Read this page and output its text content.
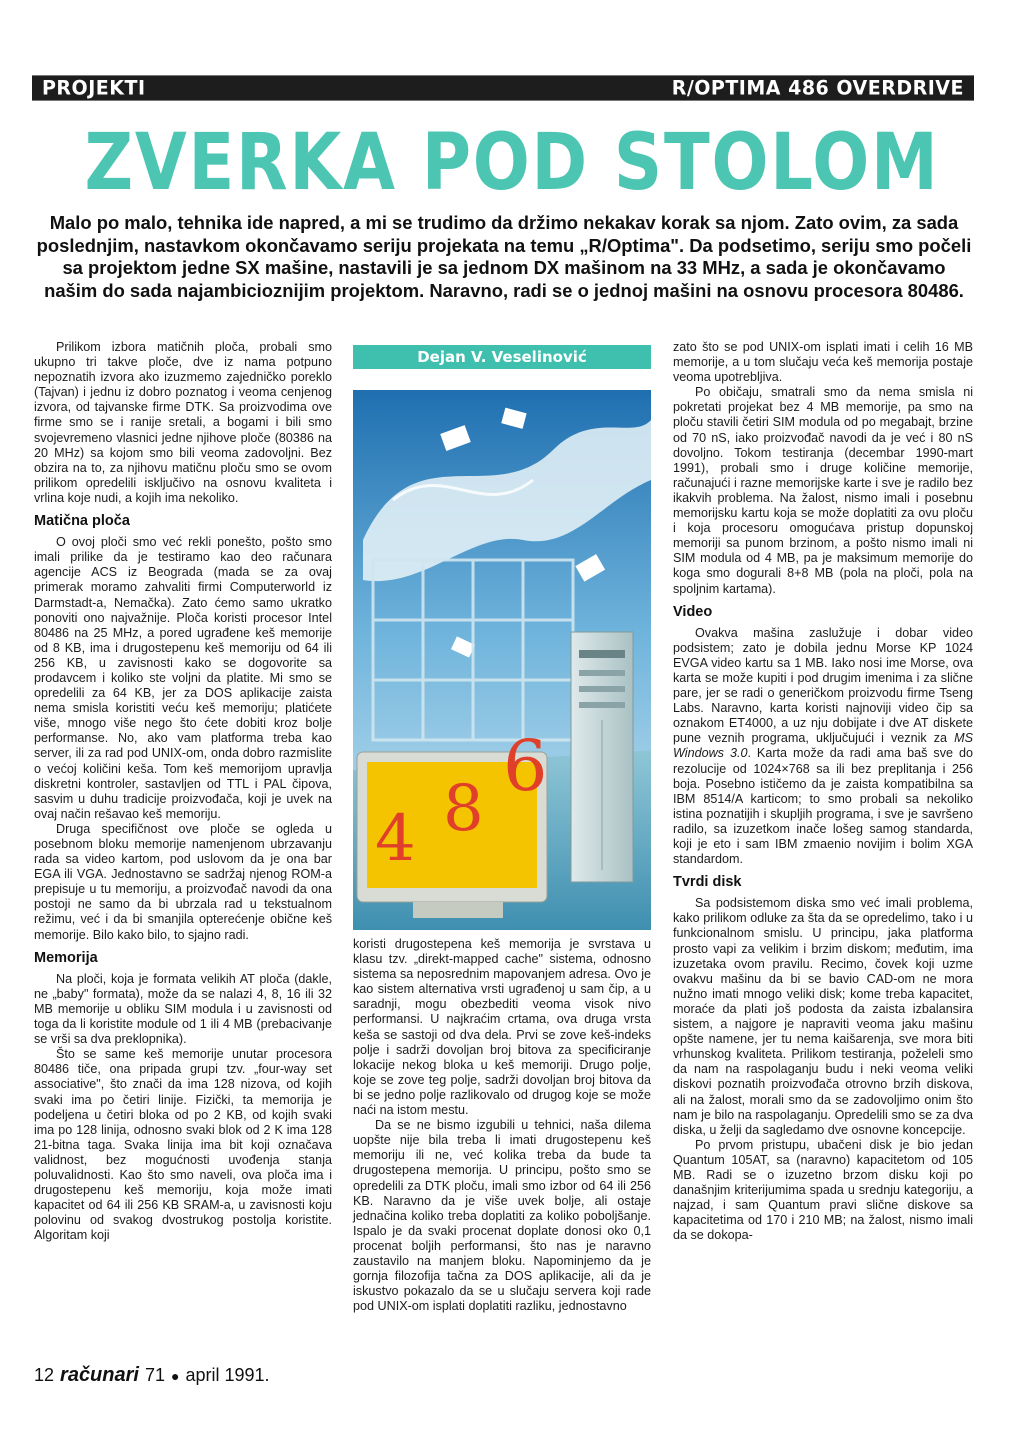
PROJEKTI	R/OPTIMA 486 OVERDRIVE
ZVERKA POD STOLOM
Malo po malo, tehnika ide napred, a mi se trudimo da držimo nekakav korak sa njom. Zato ovim, za sada poslednjim, nastavkom okončavamo seriju projekata na temu „R/Optima". Da podsetimo, seriju smo počeli sa projektom jedne SX mašine, nastavili je sa jednom DX mašinom na 33 MHz, a sada je okončavamo našim do sada najambicioznijim projektom. Naravno, radi se o jednoj mašini na osnovu procesora 80486.

Prilikom izbora matičnih ploča, probali smo ukupno tri takve ploče, dve iz nama potpuno nepoznatih izvora ako izuzmemo zajedničko poreklo (Tajvan) i jednu iz dobro poznatog i veoma cenjenog izvora, od tajvanske firme DTK. Sa proizvodima ove firme smo se i ranije sretali, a bogami i bili smo svojevremeno vlasnici jedne njihove ploče (80386 na 20 MHz) sa kojom smo bili veoma zadovoljni. Bez obzira na to, za njihovu matičnu ploču smo se ovom prilikom opredelili isključivo na osnovu kvaliteta i vrlina koje nudi, a kojih ima nekoliko.

Matična ploča

O ovoj ploči smo već rekli ponešto, pošto smo imali prilike da je testiramo kao deo računara agencije ACS iz Beograda (mada se za ovaj primerak moramo zahvaliti firmi Computerworld iz Darmstadt-a, Nemačka). Zato ćemo samo ukratko ponoviti ono najvažnije. Ploča koristi procesor Intel 80486 na 25 MHz, a pored ugrađene keš memorije od 8 KB, ima i drugostepenu keš memoriju od 64 ili 256 KB, u zavisnosti kako se dogovorite sa prodavcem i koliko ste voljni da platite. Mi smo se opredelili za 64 KB, jer za DOS aplikacije zaista nema smisla koristiti veću keš memoriju; platićete više, mnogo više nego što ćete dobiti kroz bolje performanse. No, ako vam platforma treba kao server, ili za rad pod UNIX-om, onda dobro razmislite o većoj količini keša. Tom keš memorijom upravlja diskretni kontroler, sastavljen od TTL i PAL čipova, sasvim u duhu tradicije proizvođača, koji je uvek na ovaj način rešavao keš memoriju.

Druga specifičnost ove ploče se ogleda u posebnom bloku memorije namenjenom ubrzavanju rada sa video kartom, pod uslovom da je ona bar EGA ili VGA. Jednostavno se sadržaj njenog ROM-a prepisuje u tu memoriju, a proizvođač navodi da ona postoji ne samo da bi ubrzala rad u tekstualnom režimu, već i da bi smanjila opterećenje obične keš memorije. Bilo kako bilo, to sjajno radi.

Memorija

Na ploči, koja je formata velikih AT ploča (dakle, ne „baby" formata), može da se nalazi 4, 8, 16 ili 32 MB memorije u obliku SIM modula i u zavisnosti od toga da li koristite module od 1 ili 4 MB (prebacivanje se vrši sa dva preklopnika).

Što se same keš memorije unutar procesora 80486 tiče, ona pripada grupi tzv. „four-way set associative", što znači da ima 128 nizova, od kojih svaki ima po četiri linije. Fizički, ta memorija je podeljena u četiri bloka od po 2 KB, od kojih svaki ima po 128 linija, odnosno svaki blok od 2 K ima 128 21-bitna taga. Svaka linija ima bit koji označava validnost, bez mogućnosti uvođenja stanja poluvalidnosti. Kao što smo naveli, ova ploča ima i drugostepenu keš memoriju, koja može imati kapacitet od 64 ili 256 KB SRAM-a, u zavisnosti koju polovinu od svakog dvostrukog postolja koristite. Algoritam koji

Dejan V. Veselinović
4 8
6

koristi drugostepena keš memorija je svrstava u klasu tzv. „direkt-mapped cache" sistema, odnosno sistema sa neposrednim mapovanjem adresa. Ovo je kao sistem alternativa vrsti ugrađenoj u sam čip, a u saradnji, mogu obezbediti veoma visok nivo performansi. U najkraćim crtama, ova druga vrsta keša se sastoji od dva dela. Prvi se zove keš-indeks polje i sadrži dovoljan broj bitova za specificiranje lokacije nekog bloka u keš memoriji. Drugo polje, koje se zove teg polje, sadrži dovoljan broj bitova da bi se jedno polje razlikovalo od drugog koje se može naći na istom mestu.

Da se ne bismo izgubili u tehnici, naša dilema uopšte nije bila treba li imati drugostepenu keš memoriju ili ne, već kolika treba da bude ta drugostepena memorija. U principu, pošto smo se opredelili za DTK ploču, imali smo izbor od 64 ili 256 KB. Naravno da je više uvek bolje, ali ostaje jednačina koliko treba doplatiti za koliko poboljšanje. Ispalo je da svaki procenat doplate donosi oko 0,1 procenat boljih performansi, što nas je naravno zaustavilo na manjem bloku. Napominjemo da je gornja filozofija tačna za DOS aplikacije, ali da je iskustvo pokazalo da se u slučaju servera koji rade pod UNIX-om isplati doplatiti razliku, jednostavno

zato što se pod UNIX-om isplati imati i celih 16 MB memorije, a u tom slučaju veća keš memorija postaje veoma upotrebljiva.

Po običaju, smatrali smo da nema smisla ni pokretati projekat bez 4 MB memorije, pa smo na ploču stavili četiri SIM modula od po megabajt, brzine od 70 nS, iako proizvođač navodi da je već i 80 nS dovoljno. Tokom testiranja (decembar 1990-mart 1991), probali smo i druge količine memorije, računajući i razne memorijske karte i sve je radilo bez ikakvih problema. Na žalost, nismo imali i posebnu memorijsku kartu koja se može doplatiti za ovu ploču i koja procesoru omogućava pristup dopunskoj memoriji sa punom brzinom, a pošto nismo imali ni SIM modula od 4 MB, pa je maksimum memorije do koga smo dogurali 8+8 MB (pola na ploči, pola na spoljnim kartama).

Video

Ovakva mašina zaslužuje i dobar video podsistem; zato je dobila jednu Morse KP 1024 EVGA video kartu sa 1 MB. Iako nosi ime Morse, ova karta se može kupiti i pod drugim imenima i za slične pare, jer se radi o generičkom proizvodu firme Tseng Labs. Naravno, karta koristi najnoviji video čip sa oznakom ET4000, a uz nju dobijate i dve AT diskete pune veznih programa, uključujući i veznik za MS Windows 3.0. Karta može da radi ama baš sve do rezolucije od 1024×768 sa ili bez preplitanja i 256 boja. Posebno ističemo da je zaista kompatibilna sa IBM 8514/A karticom; to smo probali sa nekoliko istina poznatijih i skupljih programa, i sve je savršeno radilo, sa izuzetkom inače lošeg samog standarda, koji je eto i sam IBM zmaenio novijim i bolim XGA standardom.

Tvrdi disk

Sa podsistemom diska smo već imali problema, kako prilikom odluke za šta da se opredelimo, tako i u funkcionalnom smislu. U principu, jaka platforma prosto vapi za velikim i brzim diskom; međutim, ima izuzetaka ovom pravilu. Recimo, čovek koji uzme ovakvu mašinu da bi se bavio CAD-om ne mora nužno imati mnogo veliki disk; kome treba kapacitet, moraće da plati još podosta da zaista izbalansira sistem, a najgore je napraviti veoma jaku mašinu opšte namene, jer tu nema kaišarenja, sve mora biti vrhunskog kvaliteta. Prilikom testiranja, poželeli smo da nam na raspolaganju budu i neki veoma veliki diskovi poznatih proizvođača otrovno brzih diskova, ali na žalost, morali smo da se zadovoljimo onim što nam je bilo na raspolaganju. Opredelili smo se za dva diska, u želji da sagledamo dve osnovne koncepcije.

Po prvom pristupu, ubačeni disk je bio jedan Quantum 105AT, sa (naravno) kapacitetom od 105 MB. Radi se o izuzetno brzom disku koji po današnjim kriterijumima spada u srednju kategoriju, a najzad, i sam Quantum pravi slične diskove sa kapacitetima od 170 i 210 MB; na žalost, nismo imali da se dokopa-

12 računari 71 ● april 1991.
